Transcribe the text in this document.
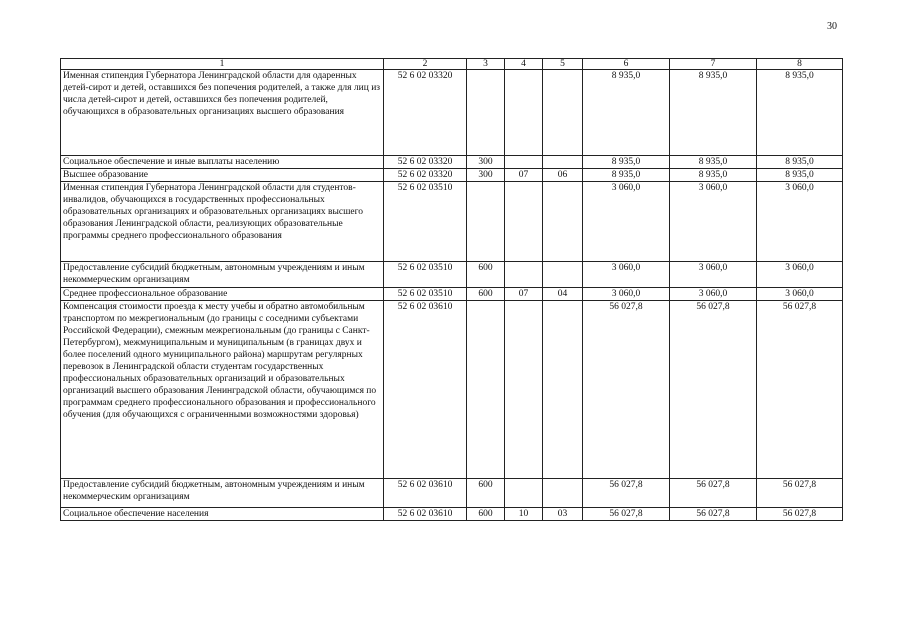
30
1	2	3	4	5	6	7	8
Именная стипендия Губернатора Ленинградской области для одаренных детей-сирот и детей, оставшихся без попечения родителей, а также для лиц из числа детей-сирот и детей, оставшихся без попечения родителей, обучающихся в образовательных организациях высшего образования	52 6 02 03320				8 935,0	8 935,0	8 935,0
Социальное обеспечение и иные выплаты населению	52 6 02 03320	300			8 935,0	8 935,0	8 935,0
Высшее образование	52 6 02 03320	300	07	06	8 935,0	8 935,0	8 935,0
Именная стипендия Губернатора Ленинградской области для студентов-инвалидов, обучающихся в государственных профессиональных образовательных организациях и образовательных организациях высшего образования Ленинградской области, реализующих образовательные программы среднего профессионального образования	52 6 02 03510				3 060,0	3 060,0	3 060,0
Предоставление субсидий бюджетным, автономным учреждениям и иным некоммерческим организациям	52 6 02 03510	600			3 060,0	3 060,0	3 060,0
Среднее профессиональное образование	52 6 02 03510	600	07	04	3 060,0	3 060,0	3 060,0
Компенсация стоимости проезда к месту учебы и обратно автомобильным транспортом по межрегиональным (до границы с соседними субъектами Российской Федерации), смежным межрегиональным (до границы с Санкт-Петербургом), межмуниципальным и муниципальным (в границах двух и более поселений одного муниципального района) маршрутам регулярных перевозок в Ленинградской области студентам государственных профессиональных образовательных организаций и образовательных организаций высшего образования Ленинградской области, обучающимся по программам среднего профессионального образования и профессионального обучения (для обучающихся с ограниченными возможностями здоровья)	52 6 02 03610				56 027,8	56 027,8	56 027,8
Предоставление субсидий бюджетным, автономным учреждениям и иным некоммерческим организациям	52 6 02 03610	600			56 027,8	56 027,8	56 027,8
Социальное обеспечение населения	52 6 02 03610	600	10	03	56 027,8	56 027,8	56 027,8
